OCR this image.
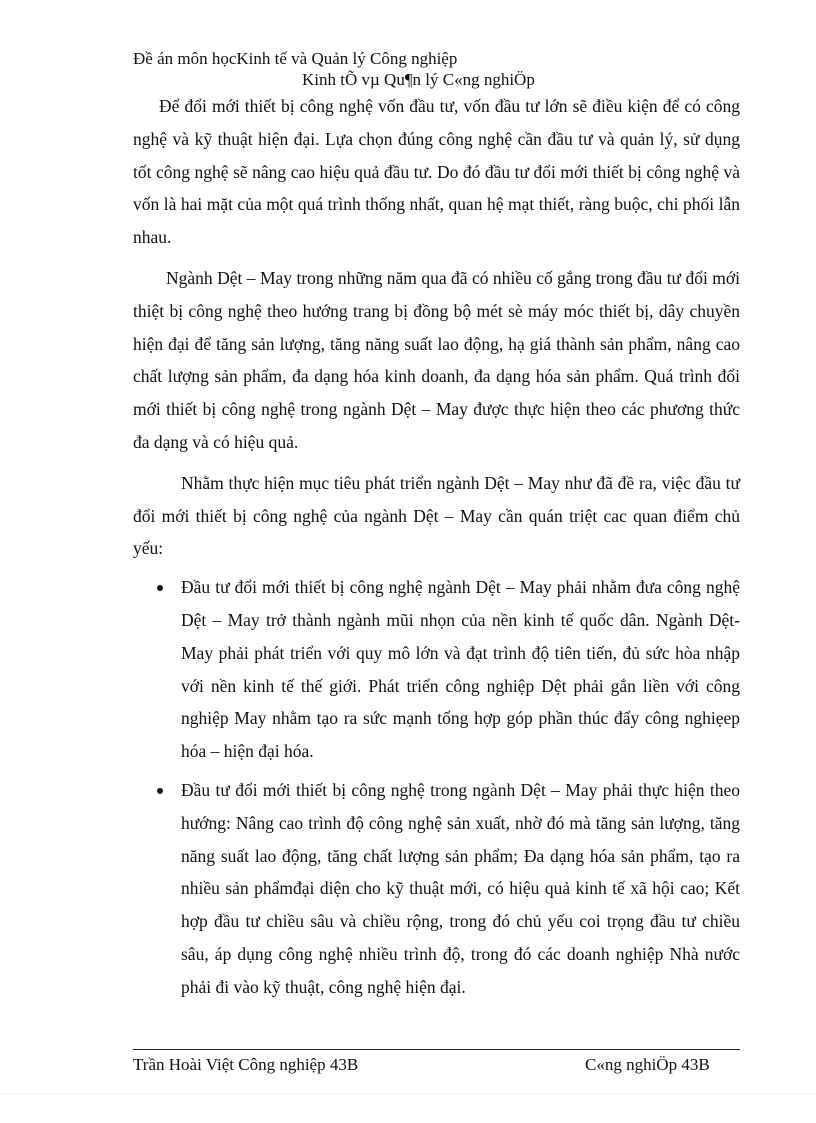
Đề án môn họcKinh tế và Quản lý Công nghiệp
Kinh tÕ vµ Qu¶n lý C«ng nghiÖp

Để đổi mới thiết bị công nghệ vốn đầu tư, vốn đầu tư lớn sẽ điều kiện để có công nghệ và kỹ thuật hiện đại. Lựa chọn đúng công nghệ cần đầu tư và quản lý, sử dụng tốt công nghệ sẽ nâng cao hiệu quả đầu tư. Do đó đầu tư đổi mới thiết bị công nghệ và vốn là hai mặt của một quá trình thống nhất, quan hệ mạt thiết, ràng buộc, chi phối lẫn nhau.

Ngành Dệt – May trong những năm qua đã có nhiều cố gắng trong đầu tư đổi mới thiệt bị công nghệ theo hướng trang bị đồng bộ mét sè máy móc thiết bị, dây chuyền hiện đại để tăng sản lượng, tăng năng suất lao động, hạ giá thành sản phẩm, nâng cao chất lượng sản phẩm, đa dạng hóa kinh doanh, đa dạng hóa sản phẩm. Quá trình đổi mới thiết bị công nghệ trong ngành Dệt – May được thực hiện theo các phương thức đa dạng và có hiệu quả.

Nhằm thực hiện mục tiêu phát triển ngành Dệt – May như đã đề ra, việc đầu tư đổi mới thiết bị công nghệ của ngành Dệt – May cần quán triệt cac quan điểm chủ yếu:

Đầu tư đổi mới thiết bị công nghệ ngành Dệt – May phải nhằm đưa công nghệ Dệt – May trở thành ngành mũi nhọn của nền kinh tế quốc dân. Ngành Dệt- May phải phát triển với quy mô lớn và đạt trình độ tiên tiến, đủ sức hòa nhập với nền kinh tế thế giới. Phát triển công nghiệp Dệt phải gắn liền với công nghiệp May nhằm tạo ra sức mạnh tổng hợp góp phần thúc đẩy công nghiẹep hóa – hiện đại hóa.
Đầu tư đổi mới thiết bị công nghệ trong ngành Dệt – May phải thực hiện theo hướng: Nâng cao trình độ công nghệ sản xuất, nhờ đó mà tăng sản lượng, tăng năng suất lao động, tăng chất lượng sản phẩm; Đa dạng hóa sản phẩm, tạo ra nhiều sản phẩmđại diện cho kỹ thuật mới, có hiệu quả kinh tế xã hội cao; Kết hợp đầu tư chiều sâu và chiều rộng, trong đó chủ yếu coi trọng đầu tư chiều sâu, áp dụng công nghệ nhiều trình độ, trong đó các doanh nghiệp Nhà nước phải đi vào kỹ thuật, công nghệ hiện đại.
Trần Hoài Việt Công nghiệp 43B	C«ng nghiÖp 43B
